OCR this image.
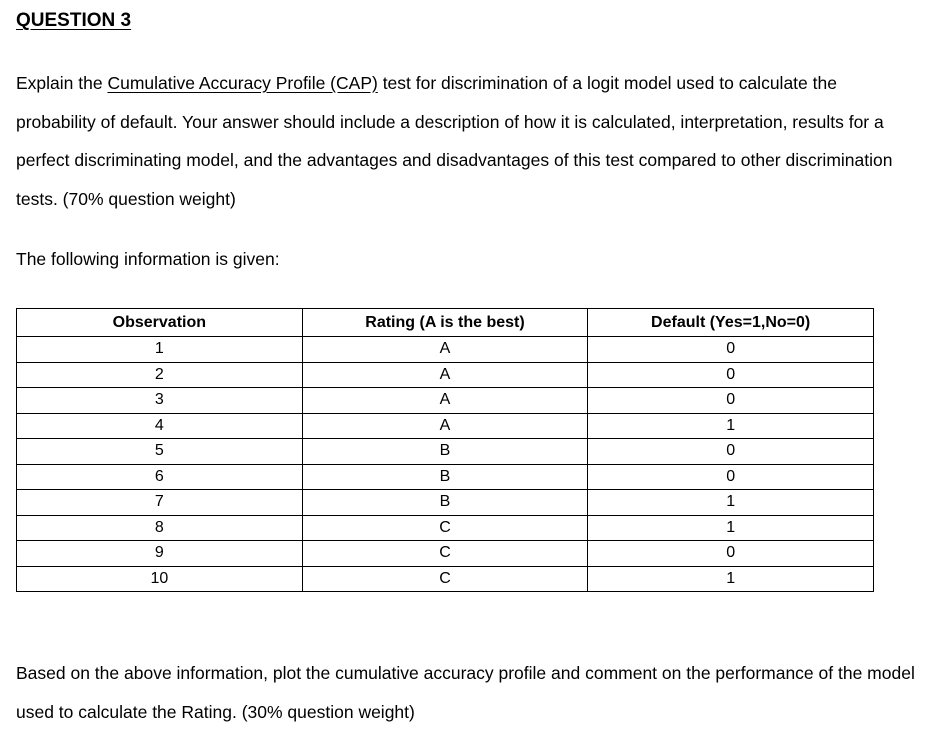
QUESTION 3

Explain the Cumulative Accuracy Profile (CAP) test for discrimination of a logit model used to calculate the probability of default. Your answer should include a description of how it is calculated, interpretation, results for a perfect discriminating model, and the advantages and disadvantages of this test compared to other discrimination tests. (70% question weight)

The following information is given:

Observation	Rating (A is the best)	Default (Yes=1,No=0)
1	A	0
2	A	0
3	A	0
4	A	1
5	B	0
6	B	0
7	B	1
8	C	1
9	C	0
10	C	1

Based on the above information, plot the cumulative accuracy profile and comment on the performance of the model used to calculate the Rating. (30% question weight)
